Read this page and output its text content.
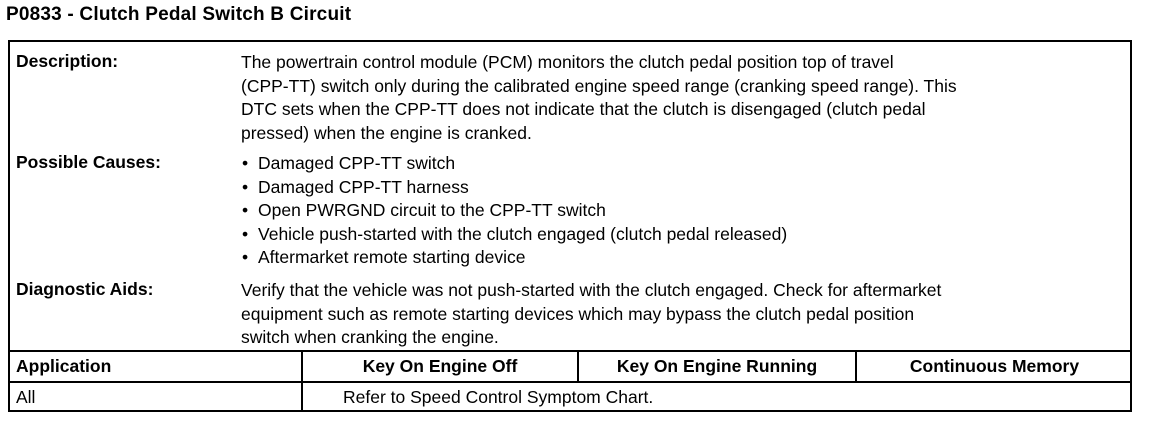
P0833 - Clutch Pedal Switch B Circuit
Description:	The powertrain control module (PCM) monitors the clutch pedal position top of travel
(CPP-TT) switch only during the calibrated engine speed range (cranking speed range). This
DTC sets when the CPP-TT does not indicate that the clutch is disengaged (clutch pedal
pressed) when the engine is cranked.
Possible Causes:
•	Damaged CPP-TT switch
• Damaged CPP-TT harness
• Open PWRGND circuit to the CPP-TT switch
• Vehicle push-started with the clutch engaged (clutch pedal released)
• Aftermarket remote starting device
Diagnostic Aids:	Verify that the vehicle was not push-started with the clutch engaged. Check for aftermarket
equipment such as remote starting devices which may bypass the clutch pedal position
switch when cranking the engine.
Application	Key On Engine Off	Key On Engine Running	Continuous Memory
All	Refer to Speed Control Symptom Chart.
